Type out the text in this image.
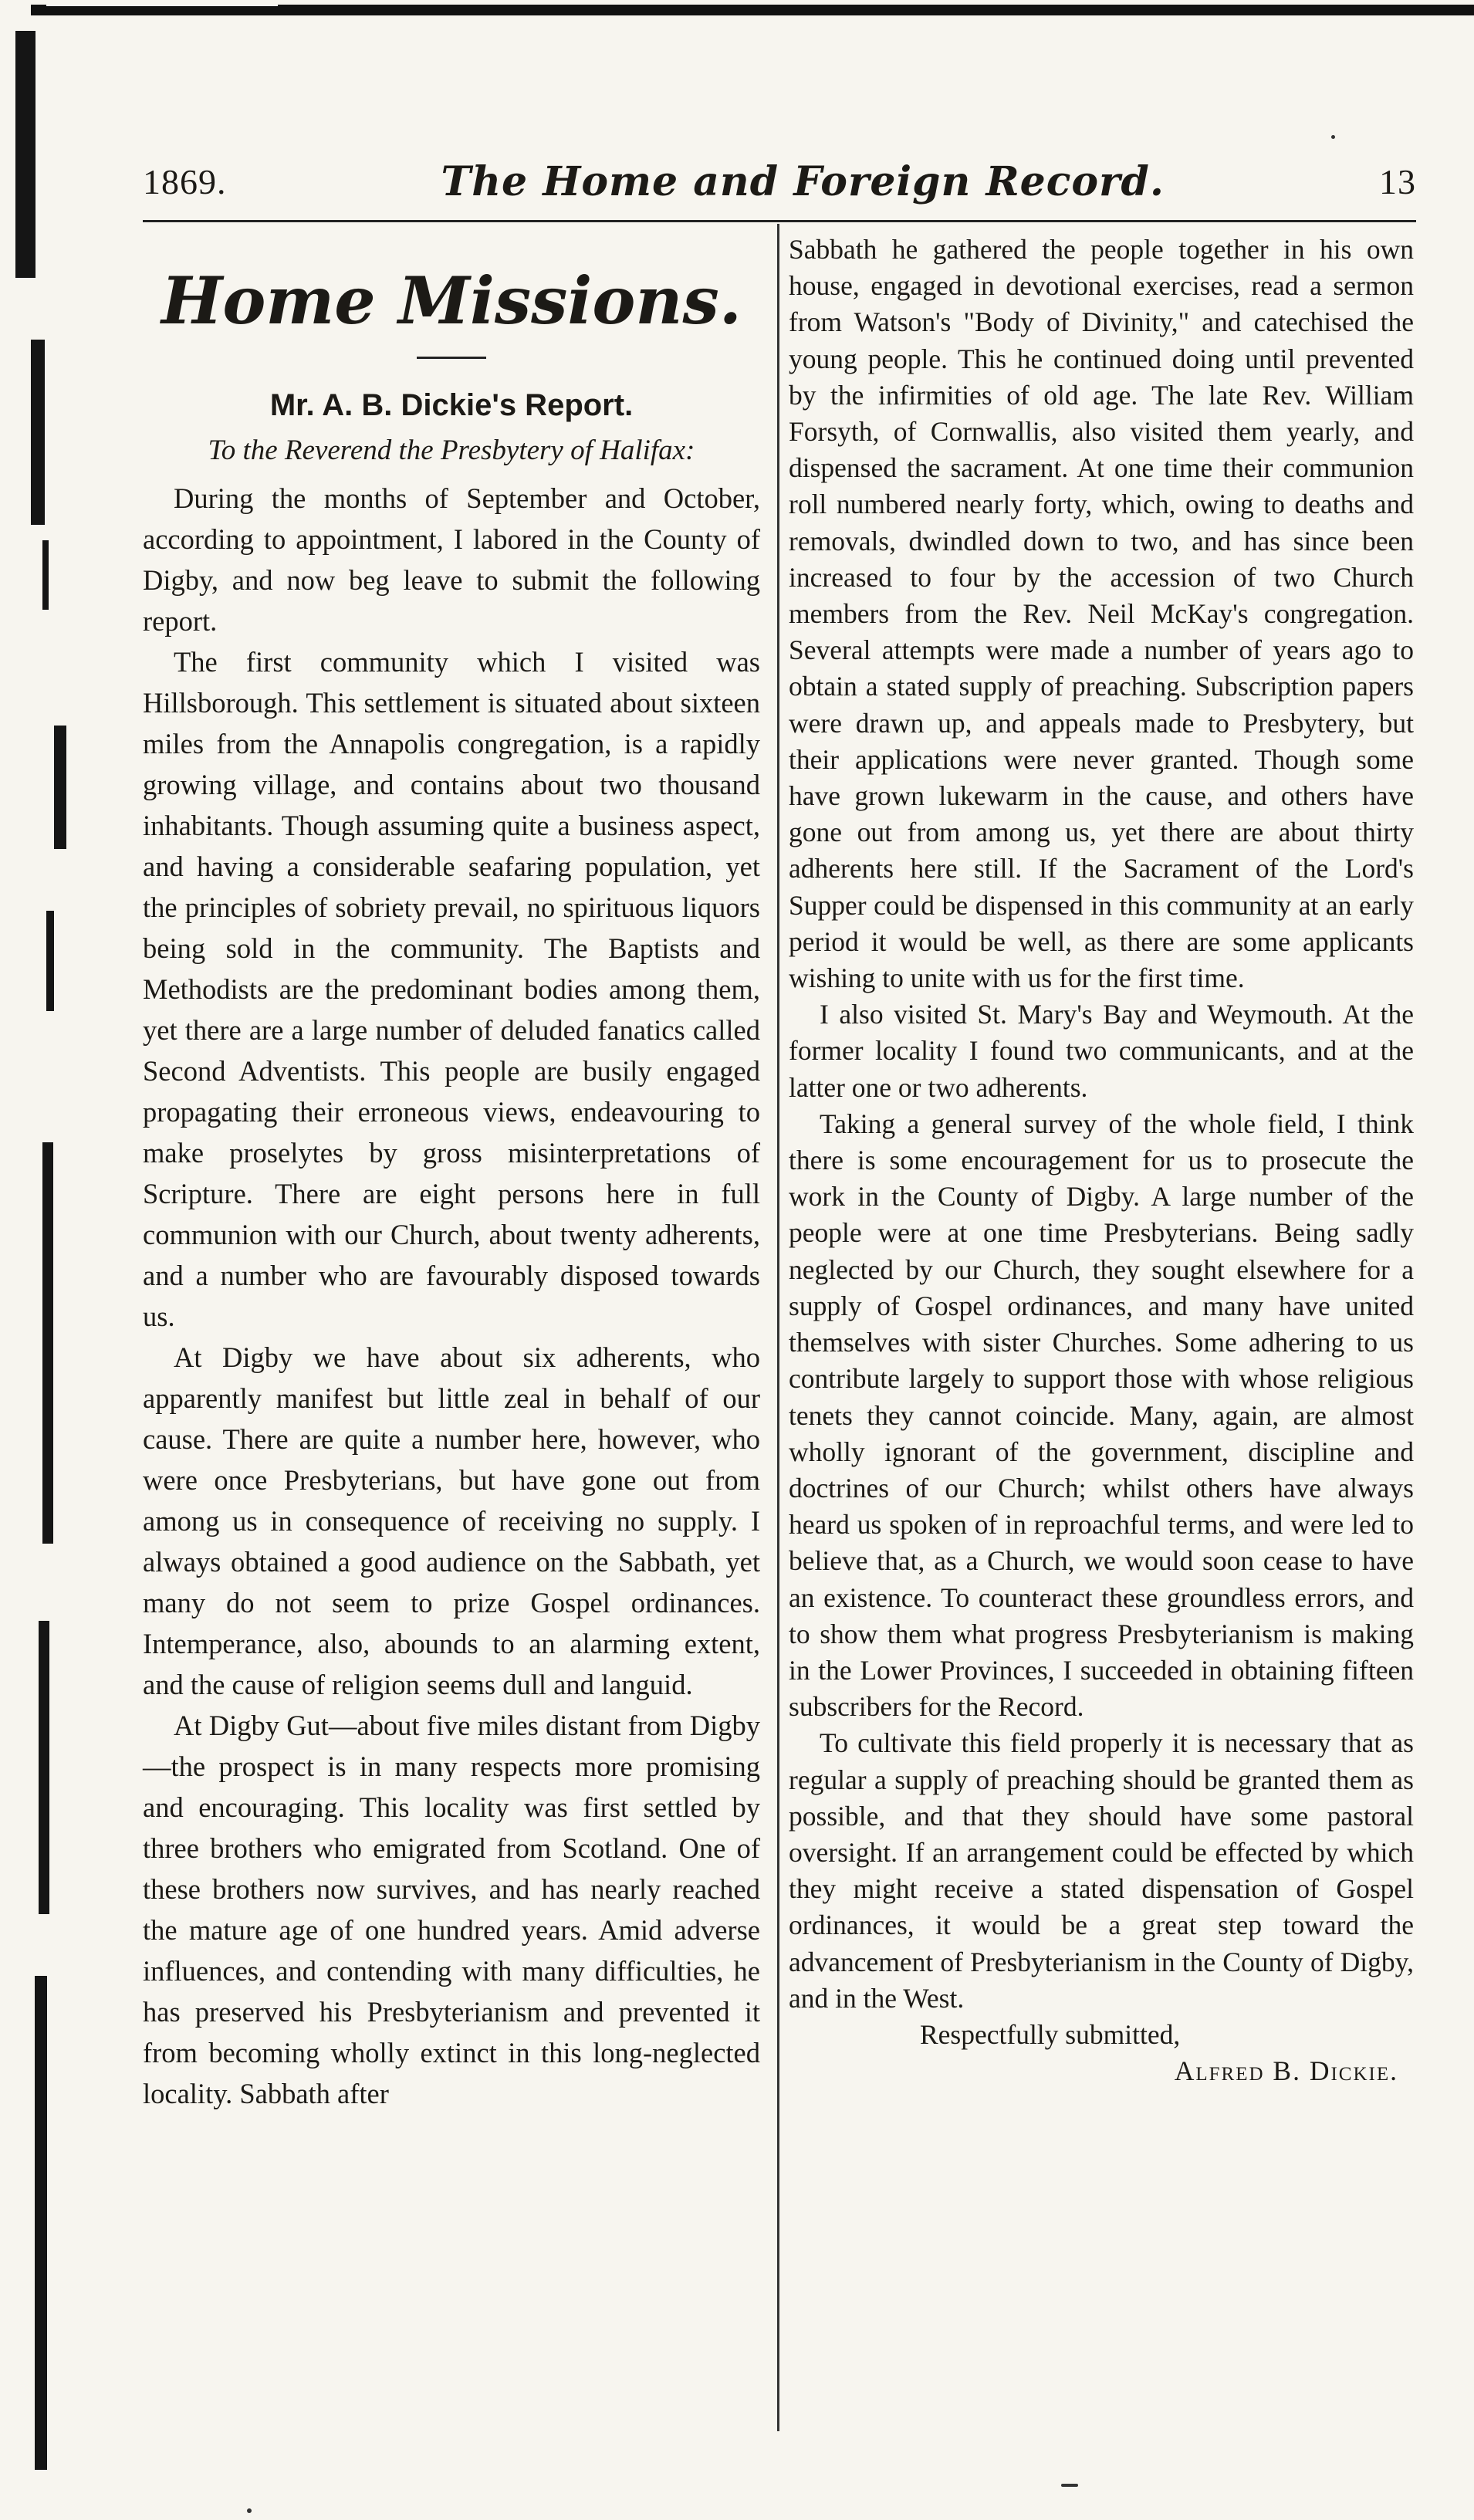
1869.	The Home and Foreign Record.	13
Home Missions.
Mr. A. B. Dickie's Report.
To the Reverend the Presbytery of Halifax:

During the months of September and October, according to appointment, I labored in the County of Digby, and now beg leave to submit the following report.

The first community which I visited was Hillsborough. This settlement is situated about sixteen miles from the Annapolis congregation, is a rapidly growing village, and contains about two thousand inhabitants. Though assuming quite a business aspect, and having a considerable seafaring population, yet the principles of sobriety prevail, no spirituous liquors being sold in the community. The Baptists and Methodists are the predominant bodies among them, yet there are a large number of deluded fanatics called Second Adventists. This people are busily engaged propagating their erroneous views, endeavouring to make proselytes by gross misinterpretations of Scripture. There are eight persons here in full communion with our Church, about twenty adherents, and a number who are favourably disposed towards us.

At Digby we have about six adherents, who apparently manifest but little zeal in behalf of our cause. There are quite a number here, however, who were once Presbyterians, but have gone out from among us in consequence of receiving no supply. I always obtained a good audience on the Sabbath, yet many do not seem to prize Gospel ordinances. Intemperance, also, abounds to an alarming extent, and the cause of religion seems dull and languid.

At Digby Gut—about five miles distant from Digby—the prospect is in many respects more promising and encouraging. This locality was first settled by three brothers who emigrated from Scotland. One of these brothers now survives, and has nearly reached the mature age of one hundred years. Amid adverse influences, and contending with many difficulties, he has preserved his Presbyterianism and prevented it from becoming wholly extinct in this long-neglected locality. Sabbath after

Sabbath he gathered the people together in his own house, engaged in devotional exercises, read a sermon from Watson's "Body of Divinity," and catechised the young people. This he continued doing until prevented by the infirmities of old age. The late Rev. William Forsyth, of Cornwallis, also visited them yearly, and dispensed the sacrament. At one time their communion roll numbered nearly forty, which, owing to deaths and removals, dwindled down to two, and has since been increased to four by the accession of two Church members from the Rev. Neil McKay's congregation. Several attempts were made a number of years ago to obtain a stated supply of preaching. Subscription papers were drawn up, and appeals made to Presbytery, but their applications were never granted. Though some have grown lukewarm in the cause, and others have gone out from among us, yet there are about thirty adherents here still. If the Sacrament of the Lord's Supper could be dispensed in this community at an early period it would be well, as there are some applicants wishing to unite with us for the first time.

I also visited St. Mary's Bay and Weymouth. At the former locality I found two communicants, and at the latter one or two adherents.

Taking a general survey of the whole field, I think there is some encouragement for us to prosecute the work in the County of Digby. A large number of the people were at one time Presbyterians. Being sadly neglected by our Church, they sought elsewhere for a supply of Gospel ordinances, and many have united themselves with sister Churches. Some adhering to us contribute largely to support those with whose religious tenets they cannot coincide. Many, again, are almost wholly ignorant of the government, discipline and doctrines of our Church; whilst others have always heard us spoken of in reproachful terms, and were led to believe that, as a Church, we would soon cease to have an existence. To counteract these groundless errors, and to show them what progress Presbyterianism is making in the Lower Provinces, I succeeded in obtaining fifteen subscribers for the Record.

To cultivate this field properly it is necessary that as regular a supply of preaching should be granted them as possible, and that they should have some pastoral oversight. If an arrangement could be effected by which they might receive a stated dispensation of Gospel ordinances, it would be a great step toward the advancement of Presbyterianism in the County of Digby, and in the West.

Respectfully submitted,

Alfred B. Dickie.
